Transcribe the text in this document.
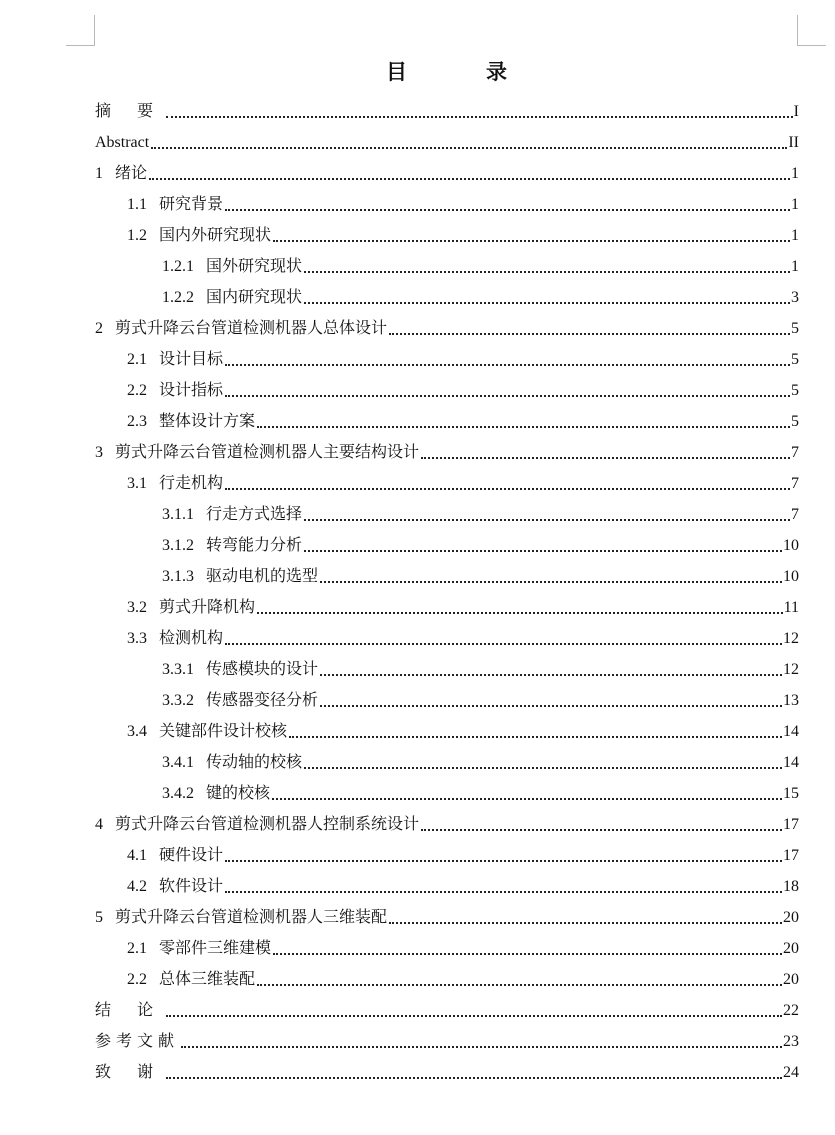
目	录
摘 要	I
Abstract	II
1 绪论	1
1.1 研究背景	1
1.2 国内外研究现状	1
1.2.1 国外研究现状	1
1.2.2 国内研究现状	3
2 剪式升降云台管道检测机器人总体设计	5
2.1 设计目标	5
2.2 设计指标	5
2.3 整体设计方案	5
3 剪式升降云台管道检测机器人主要结构设计	7
3.1 行走机构	7
3.1.1 行走方式选择	7
3.1.2 转弯能力分析	10
3.1.3 驱动电机的选型	10
3.2 剪式升降机构	11
3.3 检测机构	12
3.3.1 传感模块的设计	12
3.3.2 传感器变径分析	13
3.4 关键部件设计校核	14
3.4.1 传动轴的校核	14
3.4.2 键的校核	15
4 剪式升降云台管道检测机器人控制系统设计	17
4.1 硬件设计	17
4.2 软件设计	18
5 剪式升降云台管道检测机器人三维装配	20
2.1 零部件三维建模	20
2.2 总体三维装配	20
结 论	22
参考文献	23
致 谢	24
